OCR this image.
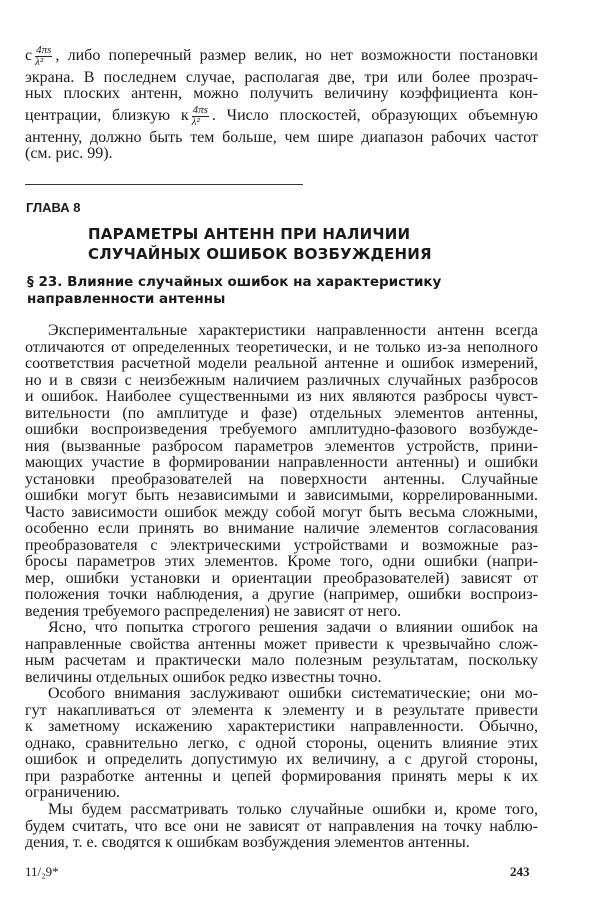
с $\frac{4\pi s}{\text{λ²}}$ , либо поперечный размер велик, но нет возможности постановки
экрана. В последнем случае, располагая две, три или более прозрач-
ных плоских антенн, можно получить величину коэффициента кон-
центрации, близкую к $\frac{4\pi s}{\text{λ²}}$ . Число плоскостей, образующих объемную
антенну, должно быть тем больше, чем шире диапазон рабочих частот
(см. рис. 99).
ГЛАВА 8
ПАРАМЕТРЫ АНТЕНН ПРИ НАЛИЧИИ
СЛУЧАЙНЫХ ОШИБОК ВОЗБУЖДЕНИЯ
§ 23. Влияние случайных ошибок на характеристику
направленности антенны
Экспериментальные характеристики направленности антенн всегда
отличаются от определенных теоретически, и не только из-за неполного
соответствия расчетной модели реальной антенне и ошибок измерений,
но и в связи с неизбежным наличием различных случайных разбросов
и ошибок. Наиболее существенными из них являются разбросы чувст-
вительности (по амплитуде и фазе) отдельных элементов антенны,
ошибки воспроизведения требуемого амплитудно-фазового возбужде-
ния (вызванные разбросом параметров элементов устройств, прини-
мающих участие в формировании направленности антенны) и ошибки
установки преобразователей на поверхности антенны. Случайные
ошибки могут быть независимыми и зависимыми, коррелированными.
Часто зависимости ошибок между собой могут быть весьма сложными,
особенно если принять во внимание наличие элементов согласования
преобразователя с электрическими устройствами и возможные раз-
бросы параметров этих элементов. Кроме того, одни ошибки (напри-
мер, ошибки установки и ориентации преобразователей) зависят от
положения точки наблюдения, а другие (например, ошибки воспроиз-
ведения требуемого распределения) не зависят от него.
Ясно, что попытка строгого решения задачи о влиянии ошибок на
направленные свойства антенны может привести к чрезвычайно слож-
ным расчетам и практически мало полезным результатам, поскольку
величины отдельных ошибок редко известны точно.
Особого внимания заслуживают ошибки систематические; они мо-
гут накапливаться от элемента к элементу и в результате привести
к заметному искажению характеристики направленности. Обычно,
однако, сравнительно легко, с одной стороны, оценить влияние этих
ошибок и определить допустимую их величину, а с другой стороны,
при разработке антенны и цепей формирования принять меры к их
ограничению.
Мы будем рассматривать только случайные ошибки и, кроме того,
будем считать, что все они не зависят от направления на точку наблю-
дения, т. е. сводятся к ошибкам возбуждения элементов антенны.
11/₂9*	243
